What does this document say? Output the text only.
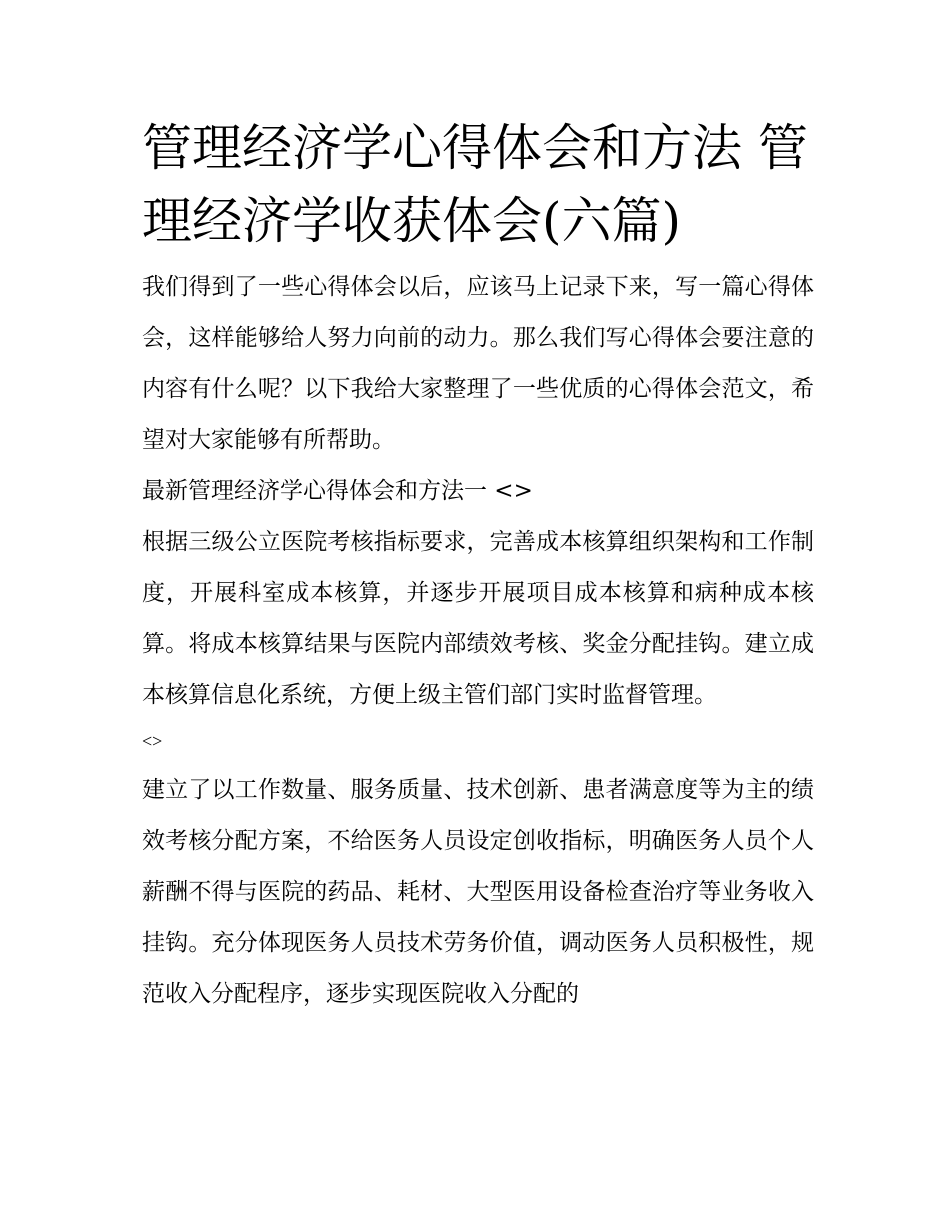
管理经济学心得体会和方法 管理经济学收获体会(六篇)

我们得到了一些心得体会以后，应该马上记录下来，写一篇心得体会，这样能够给人努力向前的动力。那么我们写心得体会要注意的内容有什么呢？以下我给大家整理了一些优质的心得体会范文，希望对大家能够有所帮助。

最新管理经济学心得体会和方法一 <>

根据三级公立医院考核指标要求，完善成本核算组织架构和工作制度，开展科室成本核算，并逐步开展项目成本核算和病种成本核算。将成本核算结果与医院内部绩效考核、奖金分配挂钩。建立成本核算信息化系统，方便上级主管们部门实时监督管理。

<>

建立了以工作数量、服务质量、技术创新、患者满意度等为主的绩效考核分配方案，不给医务人员设定创收指标，明确医务人员个人薪酬不得与医院的药品、耗材、大型医用设备检查治疗等业务收入挂钩。充分体现医务人员技术劳务价值，调动医务人员积极性，规范收入分配程序，逐步实现医院收入分配的
